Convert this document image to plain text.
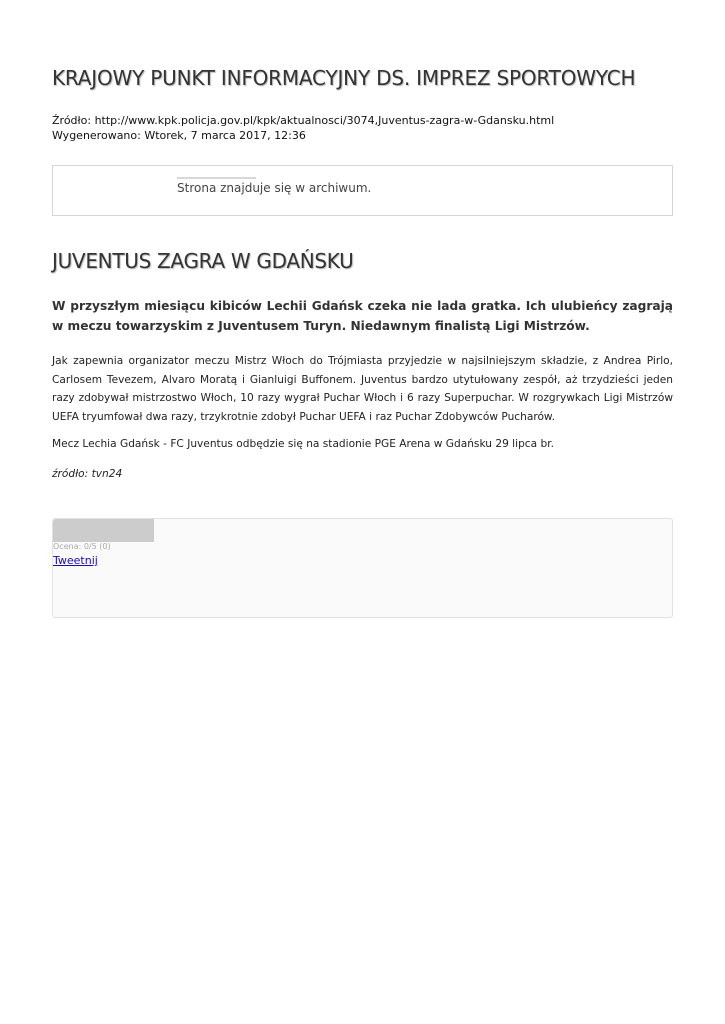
KRAJOWY PUNKT INFORMACYJNY DS. IMPREZ SPORTOWYCH
Źródło: http://www.kpk.policja.gov.pl/kpk/aktualnosci/3074,Juventus-zagra-w-Gdansku.html
Wygenerowano: Wtorek, 7 marca 2017, 12:36
Strona znajduje się w archiwum.
JUVENTUS ZAGRA W GDAŃSKU

W przyszłym miesiącu kibiców Lechii Gdańsk czeka nie lada gratka. Ich ulubieńcy zagrają w meczu towarzyskim z Juventusem Turyn. Niedawnym finalistą Ligi Mistrzów.

Jak zapewnia organizator meczu Mistrz Włoch do Trójmiasta przyjedzie w najsilniejszym składzie, z Andrea Pirlo, Carlosem Tevezem, Alvaro Moratą i Gianluigi Buffonem. Juventus bardzo utytułowany zespół, aż trzydzieści jeden razy zdobywał mistrzostwo Włoch, 10 razy wygrał Puchar Włoch i 6 razy Superpuchar. W rozgrywkach Ligi Mistrzów UEFA tryumfował dwa razy, trzykrotnie zdobył Puchar UEFA i raz Puchar Zdobywców Pucharów.

Mecz Lechia Gdańsk - FC Juventus odbędzie się na stadionie PGE Arena w Gdańsku 29 lipca br.

źródło: tvn24

Ocena: 0/5 (0)
Tweetnij
